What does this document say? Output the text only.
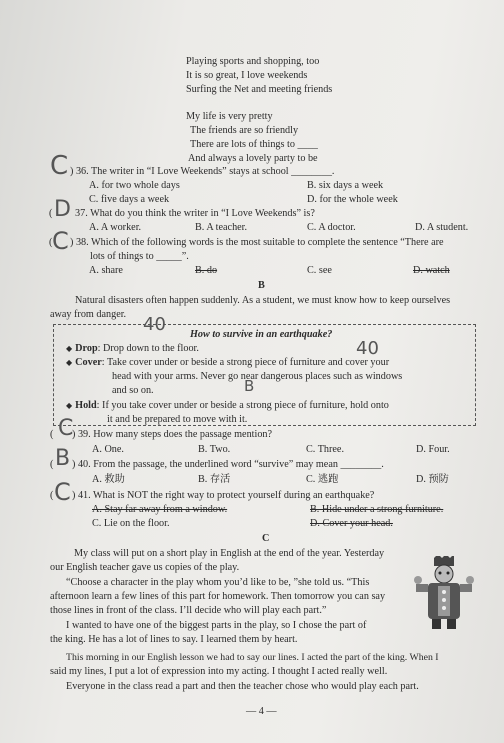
Playing sports and shopping, too
It is so great, I love weekends
Surfing the Net and meeting friends
My life is very pretty
The friends are so friendly
There are lots of things to ____
And always a lovely party to be
C ) 36. The writer in “I Love Weekends” stays at school ________.
A. for two whole days	B. six days a week
C. five days a week	D. for the whole week
D
( 37. What do you think the writer in “I Love Weekends” is?
A. A worker.	B. A teacher.	C. A doctor.	D. A student.
C
( ) 38. Which of the following words is the most suitable to complete the sentence “There are
lots of things to _____”.
A. share	B. do	C. see	D. watch
B
Natural disasters often happen suddenly. As a student, we must know how to keep ourselves
away from danger.
How to survive in an earthquake?
40
◆ Drop: Drop down to the floor.
◆ Cover: Take cover under or beside a strong piece of furniture and cover your
40
head with your arms. Never go near dangerous places such as windows
and so on.	B
◆ Hold: If you take cover under or beside a strong piece of furniture, hold onto
it and be prepared to move with it.
C
( ) 39. How many steps does the passage mention?
A. One.	B. Two.	C. Three.	D. Four.
B
( ) 40. From the passage, the underlined word “survive” may mean ________.
A. 救助	B. 存活	C. 逃跑	D. 预防
C
( ) 41. What is NOT the right way to protect yourself during an earthquake?
A. Stay far away from a window.	B. Hide under a strong furniture.
C. Lie on the floor.	D. Cover your head.
C
My class will put on a short play in English at the end of the year. Yesterday
our English teacher gave us copies of the play.
“Choose a character in the play whom you’d like to be, ”she told us. “This
afternoon learn a few lines of this part for homework. Then tomorrow you can say
those lines in front of the class. I’ll decide who will play each part.”
I wanted to have one of the biggest parts in the play, so I chose the part of
the king. He has a lot of lines to say. I learned them by heart.
This morning in our English lesson we had to say our lines. I acted the part of the king. When I
said my lines, I put a lot of expression into my acting. I thought I acted really well.
Everyone in the class read a part and then the teacher chose who would play each part.
— 4 —
